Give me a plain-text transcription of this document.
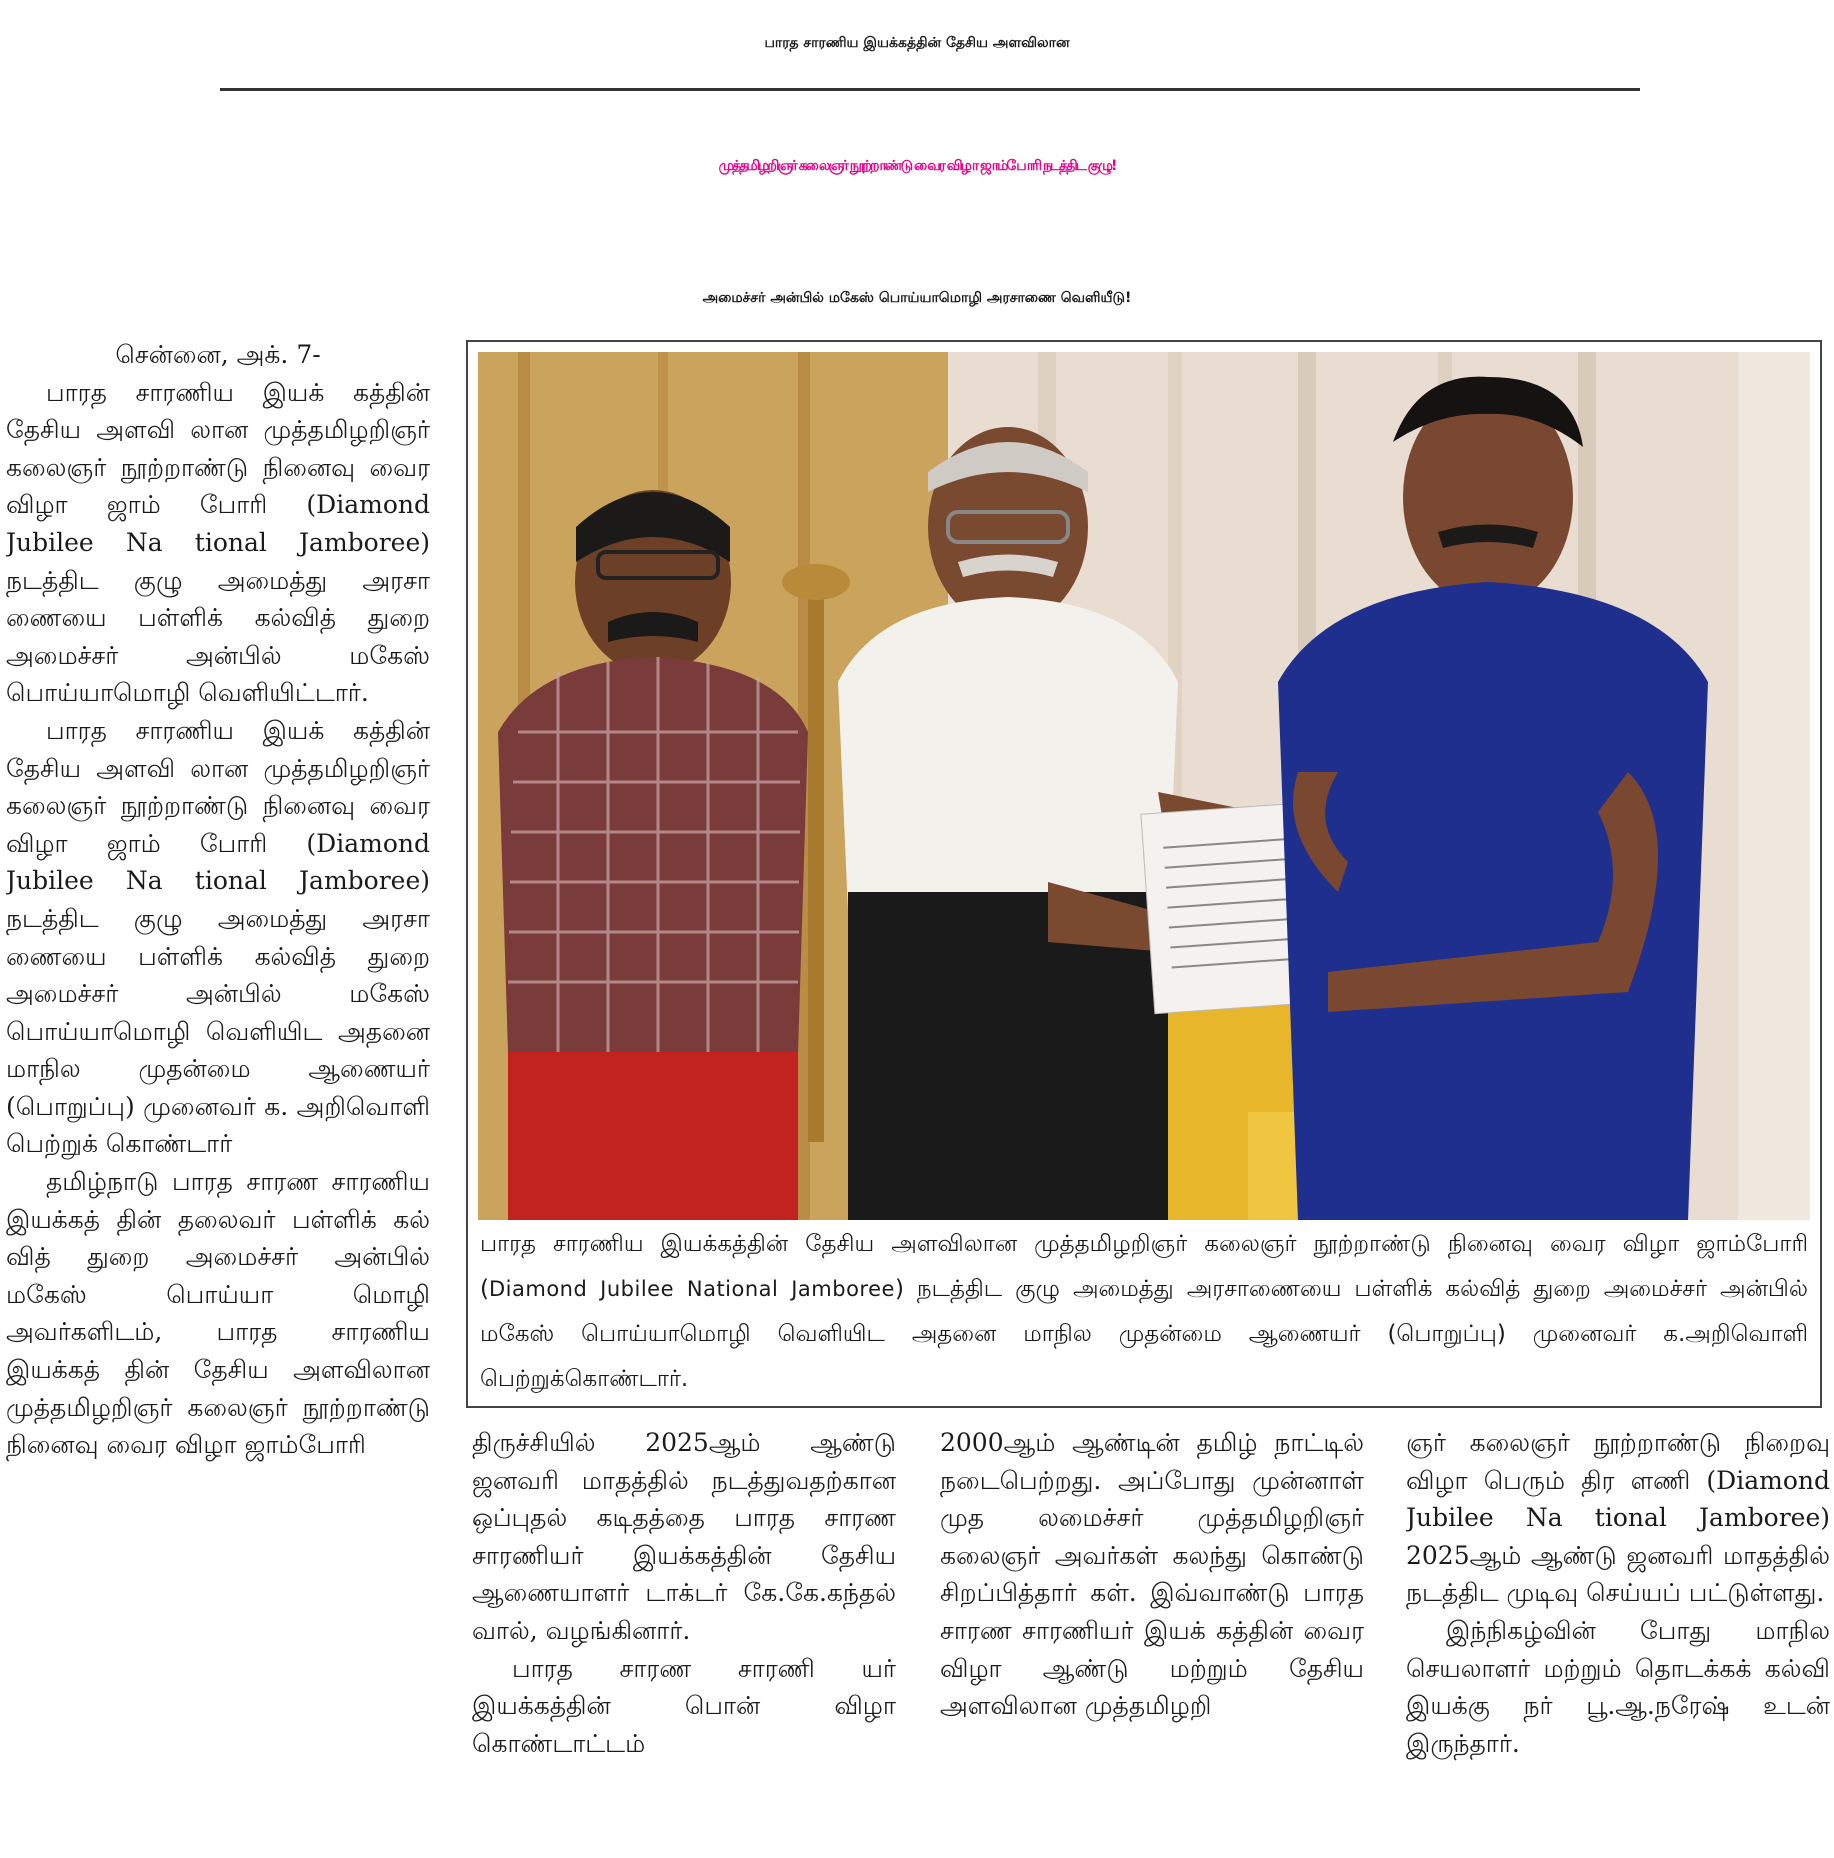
பாரத சாரணிய இயக்கத்தின் தேசிய அளவிலான
முத்தமிழறிஞர் கலைஞர் நூற்றாண்டு வைர விழா ஜாம்போரி நடத்திட குழு!
அமைச்சர் அன்பில் மகேஸ் பொய்யாமொழி அரசாணை வெளியீடு!

சென்னை, அக். 7-

பாரத சாரணிய இயக் கத்தின் தேசிய அளவி லான முத்தமிழறிஞர் கலைஞர் நூற்றாண்டு நினைவு வைர விழா ஜாம் போரி (Diamond Jubilee Na tional Jamboree) நடத்திட குழு அமைத்து அரசா ணையை பள்ளிக் கல்வித் துறை அமைச்சர் அன்பில் மகேஸ் பொய்யாமொழி வெளியிட்டார்.

பாரத சாரணிய இயக் கத்தின் தேசிய அளவி லான முத்தமிழறிஞர் கலைஞர் நூற்றாண்டு நினைவு வைர விழா ஜாம் போரி (Diamond Jubilee Na tional Jamboree) நடத்திட குழு அமைத்து அரசா ணையை பள்ளிக் கல்வித் துறை அமைச்சர் அன்பில் மகேஸ் பொய்யாமொழி வெளியிட அதனை மாநில முதன்மை ஆணையர் (பொறுப்பு) முனைவர் க. அறிவொளி பெற்றுக் கொண்டார்

தமிழ்நாடு பாரத சாரண சாரணிய இயக்கத் தின் தலைவர் பள்ளிக் கல் வித் துறை அமைச்சர் அன்பில் மகேஸ் பொய்யா மொழி அவர்களிடம், பாரத சாரணிய இயக்கத் தின் தேசிய அளவிலான முத்தமிழறிஞர் கலைஞர் நூற்றாண்டு நினைவு வைர விழா ஜாம்போரி

பாரத சாரணிய இயக்கத்தின் தேசிய அளவிலான முத்தமிழறிஞர் கலைஞர் நூற்றாண்டு நினைவு வைர விழா ஜாம்போரி (Diamond Jubilee National Jamboree) நடத்திட குழு அமைத்து அரசாணையை பள்ளிக் கல்வித் துறை அமைச்சர் அன்பில் மகேஸ் பொய்யாமொழி வெளியிட அதனை மாநில முதன்மை ஆணையர் (பொறுப்பு) முனைவர் க.அறிவொளி பெற்றுக்கொண்டார்.

திருச்சியில் 2025ஆம் ஆண்டு ஜனவரி மாதத்தில் நடத்துவதற்கான ஒப்புதல் கடிதத்தை பாரத சாரண சாரணியர் இயக்கத்தின் தேசிய ஆணையாளர் டாக்டர் கே.கே.கந்தல் வால், வழங்கினார்.

பாரத சாரண சாரணி யர் இயக்கத்தின் பொன் விழா கொண்டாட்டம்

2000ஆம் ஆண்டின் தமிழ் நாட்டில் நடைபெற்றது. அப்போது முன்னாள் முத லமைச்சர் முத்தமிழறிஞர் கலைஞர் அவர்கள் கலந்து கொண்டு சிறப்பித்தார் கள். இவ்வாண்டு பாரத சாரண சாரணியர் இயக் கத்தின் வைர விழா ஆண்டு மற்றும் தேசிய அளவிலான முத்தமிழறி

ஞர் கலைஞர் நூற்றாண்டு நிறைவு விழா பெரும் திர ளணி (Diamond Jubilee Na tional Jamboree) 2025ஆம் ஆண்டு ஜனவரி மாதத்தில் நடத்திட முடிவு செய்யப் பட்டுள்ளது.

இந்நிகழ்வின் போது மாநில செயலாளர் மற்றும் தொடக்கக் கல்வி இயக்கு நர் பூ.ஆ.நரேஷ் உடன் இருந்தார்.
